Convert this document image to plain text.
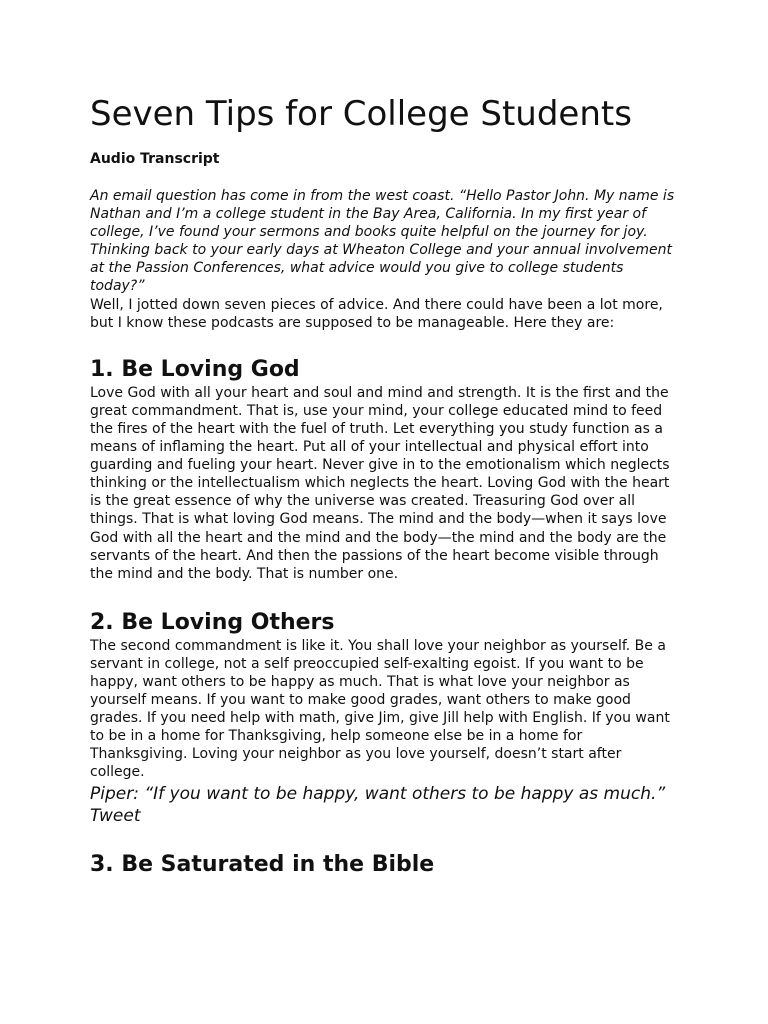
Seven Tips for College Students
Audio Transcript

An email question has come in from the west coast. “Hello Pastor John. My name is Nathan and I’m a college student in the Bay Area, California. In my first year of college, I’ve found your sermons and books quite helpful on the journey for joy. Thinking back to your early days at Wheaton College and your annual involvement at the Passion Conferences, what advice would you give to college students today?”

Well, I jotted down seven pieces of advice. And there could have been a lot more, but I know these podcasts are supposed to be manageable. Here they are:

1. Be Loving God

Love God with all your heart and soul and mind and strength. It is the first and the great commandment. That is, use your mind, your college educated mind to feed the fires of the heart with the fuel of truth. Let everything you study function as a means of inflaming the heart. Put all of your intellectual and physical effort into guarding and fueling your heart. Never give in to the emotionalism which neglects thinking or the intellectualism which neglects the heart. Loving God with the heart is the great essence of why the universe was created. Treasuring God over all things. That is what loving God means. The mind and the body—when it says love God with all the heart and the mind and the body—the mind and the body are the servants of the heart. And then the passions of the heart become visible through the mind and the body. That is number one.

2. Be Loving Others

The second commandment is like it. You shall love your neighbor as yourself. Be a servant in college, not a self preoccupied self-exalting egoist. If you want to be happy, want others to be happy as much. That is what love your neighbor as yourself means. If you want to make good grades, want others to make good grades. If you need help with math, give Jim, give Jill help with English. If you want to be in a home for Thanksgiving, help someone else be in a home for Thanksgiving. Loving your neighbor as you love yourself, doesn’t start after college.

Piper: “If you want to be happy, want others to be happy as much.” Tweet

3. Be Saturated in the Bible
